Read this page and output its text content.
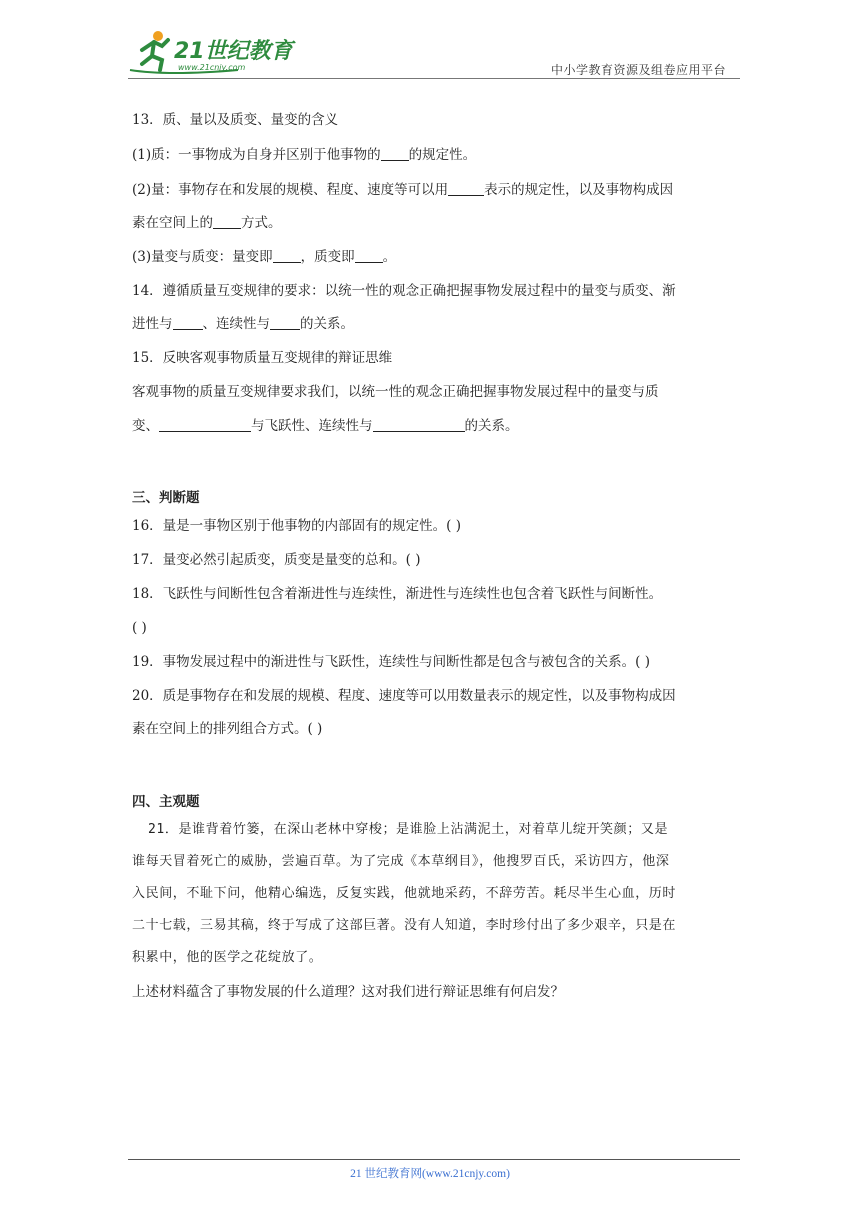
21世纪教育
www.21cnjy.com	中小学教育资源及组卷应用平台
13．质、量以及质变、量变的含义
(1)质：一事物成为自身并区别于他事物的 的规定性。
(2)量：事物存在和发展的规模、程度、速度等可以用	表示的规定性，以及事物构成因
素在空间上的 方式。
(3)量变与质变：量变即 ，质变即 。
14．遵循质量互变规律的要求：以统一性的观念正确把握事物发展过程中的量变与质变、渐
进性与 、连续性与 的关系。
15．反映客观事物质量互变规律的辩证思维
客观事物的质量互变规律要求我们，以统一性的观念正确把握事物发展过程中的量变与质
变、	与飞跃性、连续性与	的关系。
三、判断题
16．量是一事物区别于他事物的内部固有的规定性。( )
17．量变必然引起质变，质变是量变的总和。( )
18．飞跃性与间断性包含着渐进性与连续性，渐进性与连续性也包含着飞跃性与间断性。
( )
19．事物发展过程中的渐进性与飞跃性，连续性与间断性都是包含与被包含的关系。( )
20．质是事物存在和发展的规模、程度、速度等可以用数量表示的规定性，以及事物构成因
素在空间上的排列组合方式。( )
四、主观题
21．是谁背着竹篓，在深山老林中穿梭；是谁脸上沾满泥土，对着草儿绽开笑颜；又是
谁每天冒着死亡的威胁，尝遍百草。为了完成《本草纲目》，他搜罗百氏，采访四方，他深
入民间，不耻下问，他精心编选，反复实践，他就地采药，不辞劳苦。耗尽半生心血，历时
二十七载，三易其稿，终于写成了这部巨著。没有人知道，李时珍付出了多少艰辛，只是在
积累中，他的医学之花绽放了。
上述材料蕴含了事物发展的什么道理？这对我们进行辩证思维有何启发？
21 世纪教育网(www.21cnjy.com)
